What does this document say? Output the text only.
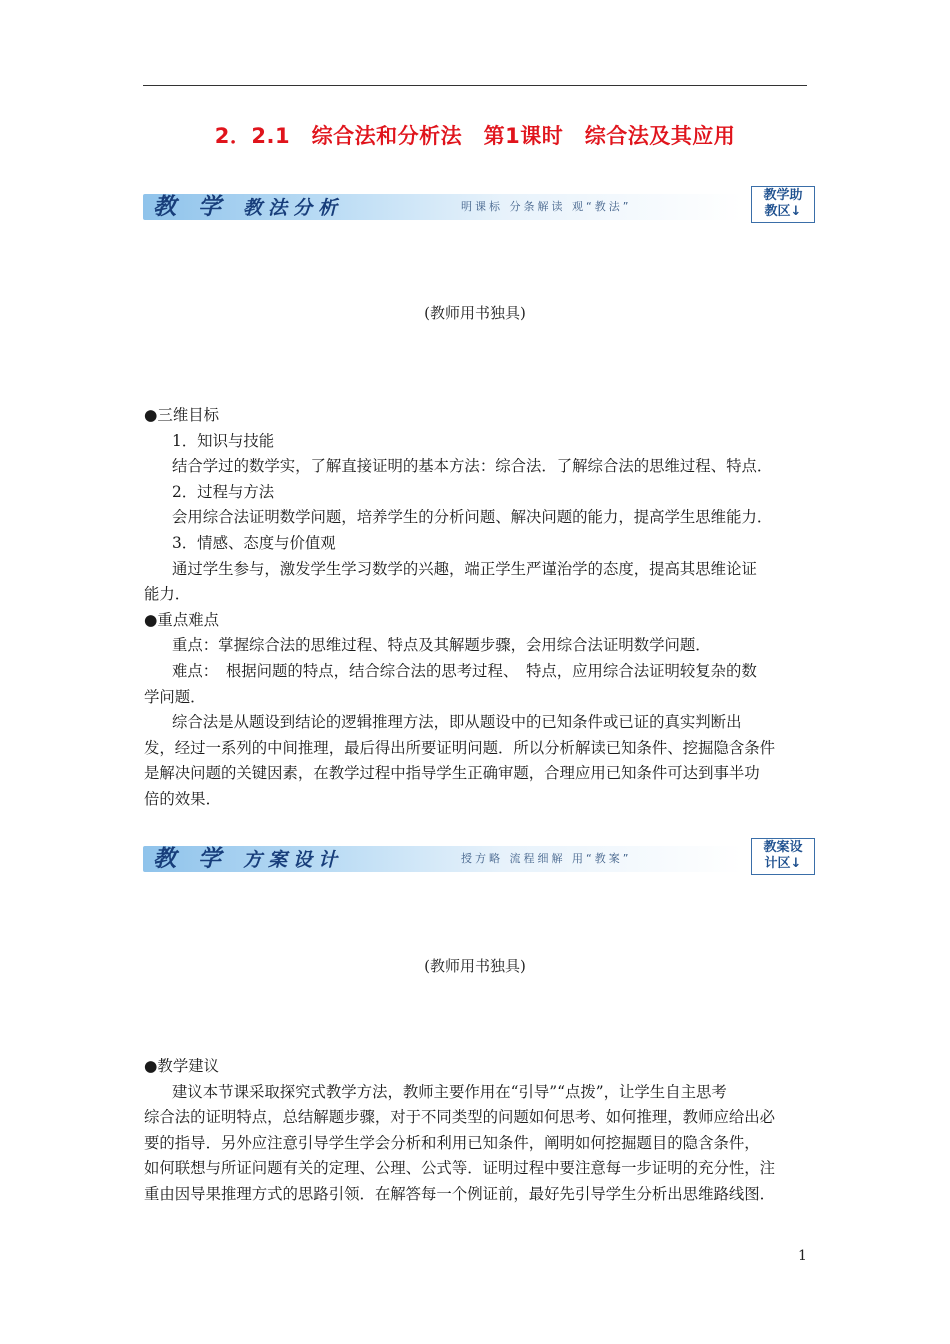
2．2.1　综合法和分析法　第1课时　综合法及其应用
教 学 教法分析	明课标 分条解读 观“教法”
教学助
教区↓
(教师用书独具)

●三维目标

1．知识与技能

结合学过的数学实，了解直接证明的基本方法：综合法．了解综合法的思维过程、特点．

2．过程与方法

会用综合法证明数学问题，培养学生的分析问题、解决问题的能力，提高学生思维能力．

3．情感、态度与价值观

通过学生参与，激发学生学习数学的兴趣，端正学生严谨治学的态度，提高其思维论证

能力．

●重点难点

重点：掌握综合法的思维过程、特点及其解题步骤，会用综合法证明数学问题．

难点：　根据问题的特点，结合综合法的思考过程、　特点，应用综合法证明较复杂的数

学问题．

综合法是从题设到结论的逻辑推理方法，即从题设中的已知条件或已证的真实判断出

发，经过一系列的中间推理，最后得出所要证明问题．所以分析解读已知条件、挖掘隐含条件

是解决问题的关键因素，在教学过程中指导学生正确审题，合理应用已知条件可达到事半功

倍的效果．

教 学 方案设计	授方略 流程细解 用“教案”
教案设
计区↓
(教师用书独具)

●教学建议

建议本节课采取探究式教学方法，教师主要作用在“引导”“点拨”，让学生自主思考

综合法的证明特点，总结解题步骤，对于不同类型的问题如何思考、如何推理，教师应给出必

要的指导．另外应注意引导学生学会分析和利用已知条件，阐明如何挖掘题目的隐含条件，

如何联想与所证问题有关的定理、公理、公式等．证明过程中要注意每一步证明的充分性，注

重由因导果推理方式的思路引领．在解答每一个例证前，最好先引导学生分析出思维路线图．

1
